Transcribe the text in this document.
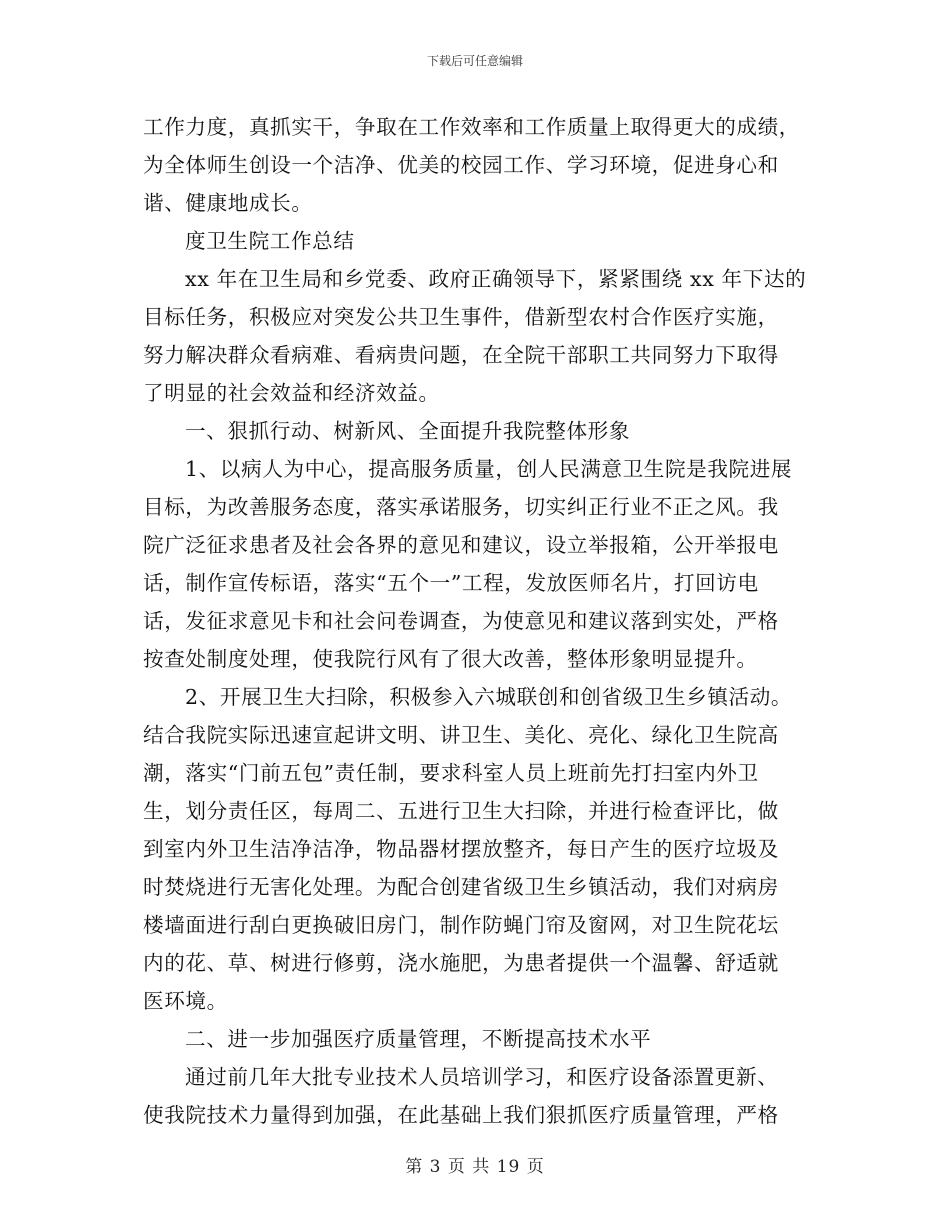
下载后可任意编辑
工作力度，真抓实干，争取在工作效率和工作质量上取得更大的成绩，
为全体师生创设一个洁净、优美的校园工作、学习环境，促进身心和
谐、健康地成长。
度卫生院工作总结
xx 年在卫生局和乡党委、政府正确领导下，紧紧围绕 xx 年下达的
目标任务，积极应对突发公共卫生事件，借新型农村合作医疗实施，
努力解决群众看病难、看病贵问题，在全院干部职工共同努力下取得
了明显的社会效益和经济效益。
一、狠抓行动、树新风、全面提升我院整体形象
1、以病人为中心，提高服务质量，创人民满意卫生院是我院进展
目标，为改善服务态度，落实承诺服务，切实纠正行业不正之风。我
院广泛征求患者及社会各界的意见和建议，设立举报箱，公开举报电
话，制作宣传标语，落实“五个一”工程，发放医师名片，打回访电
话，发征求意见卡和社会问卷调查，为使意见和建议落到实处，严格
按查处制度处理，使我院行风有了很大改善，整体形象明显提升。
2、开展卫生大扫除，积极参入六城联创和创省级卫生乡镇活动。
结合我院实际迅速宣起讲文明、讲卫生、美化、亮化、绿化卫生院高
潮，落实“门前五包”责任制，要求科室人员上班前先打扫室内外卫
生，划分责任区，每周二、五进行卫生大扫除，并进行检查评比，做
到室内外卫生洁净洁净，物品器材摆放整齐，每日产生的医疗垃圾及
时焚烧进行无害化处理。为配合创建省级卫生乡镇活动，我们对病房
楼墙面进行刮白更换破旧房门，制作防蝇门帘及窗网，对卫生院花坛
内的花、草、树进行修剪，浇水施肥，为患者提供一个温馨、舒适就
医环境。
二、进一步加强医疗质量管理，不断提高技术水平
通过前几年大批专业技术人员培训学习，和医疗设备添置更新、
使我院技术力量得到加强，在此基础上我们狠抓医疗质量管理，严格
第 3 页 共 19 页
